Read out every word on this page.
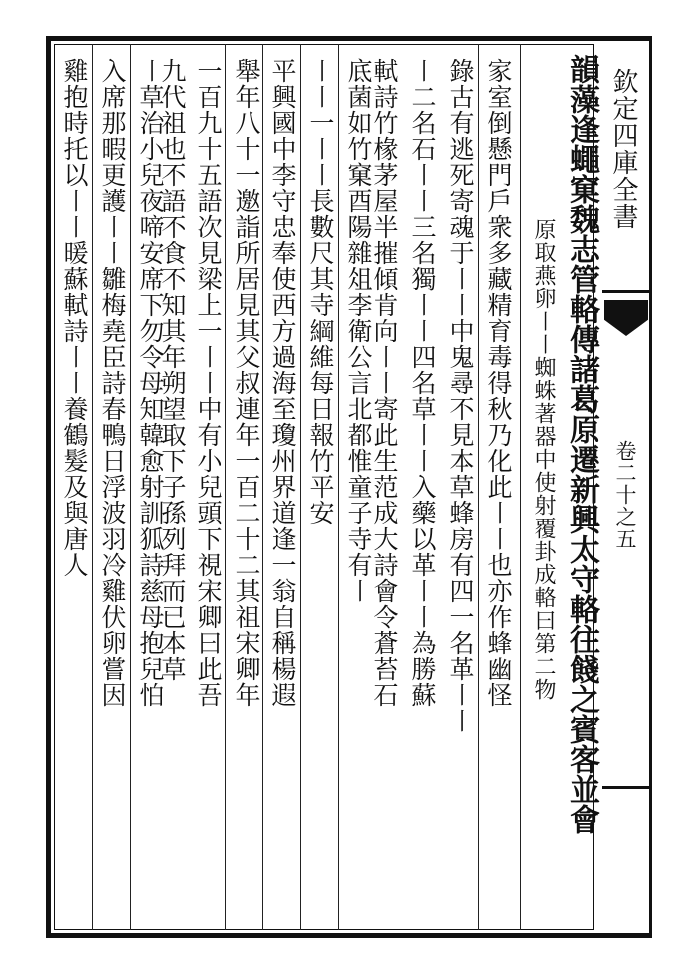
欽定四庫全書
卷二十之五
韻藻逢蠅窠魏志管輅傳諸葛原遷新興太守輅往餞之賓客並會
原取燕卵〡〡蜘蛛著器中使射覆卦成輅曰第二物
家室倒懸門戶衆多藏精育毒得秋乃化此〡〡也亦作蜂幽怪
錄古有逃死寄魂于〡〡中鬼尋不見本草蜂房有四一名革〡〡
〡二名石〡〡三名獨〡〡四名草〡〡入藥以革〡〡為勝蘇
軾詩竹椽茅屋半摧傾肯向〡〡寄此生范成大詩會令蒼苔石
底菌如竹窠酉陽雜俎李衛公言北都惟童子寺有〡
〡〡一〡〡長數尺其寺綱維每日報竹平安
平興國中李守忠奉使西方過海至瓊州界道逢一翁自稱楊遐
舉年八十一邀詣所居見其父叔連年一百二十二其祖宋卿年
一百九十五語次見梁上一〡〡中有小兒頭下視宋卿曰此吾
九代祖也不語不食不知其年朔望取下子孫列拜而已本草
〡草治小兒夜啼安席下勿令母知韓愈射訓狐詩慈母抱兒怕
入席那暇更護〡〡雛梅堯臣詩春鴨日浮波羽冷雞伏卵嘗因
雞抱時托以〡〡暖蘇軾詩〡〡養鶴髮及與唐人
